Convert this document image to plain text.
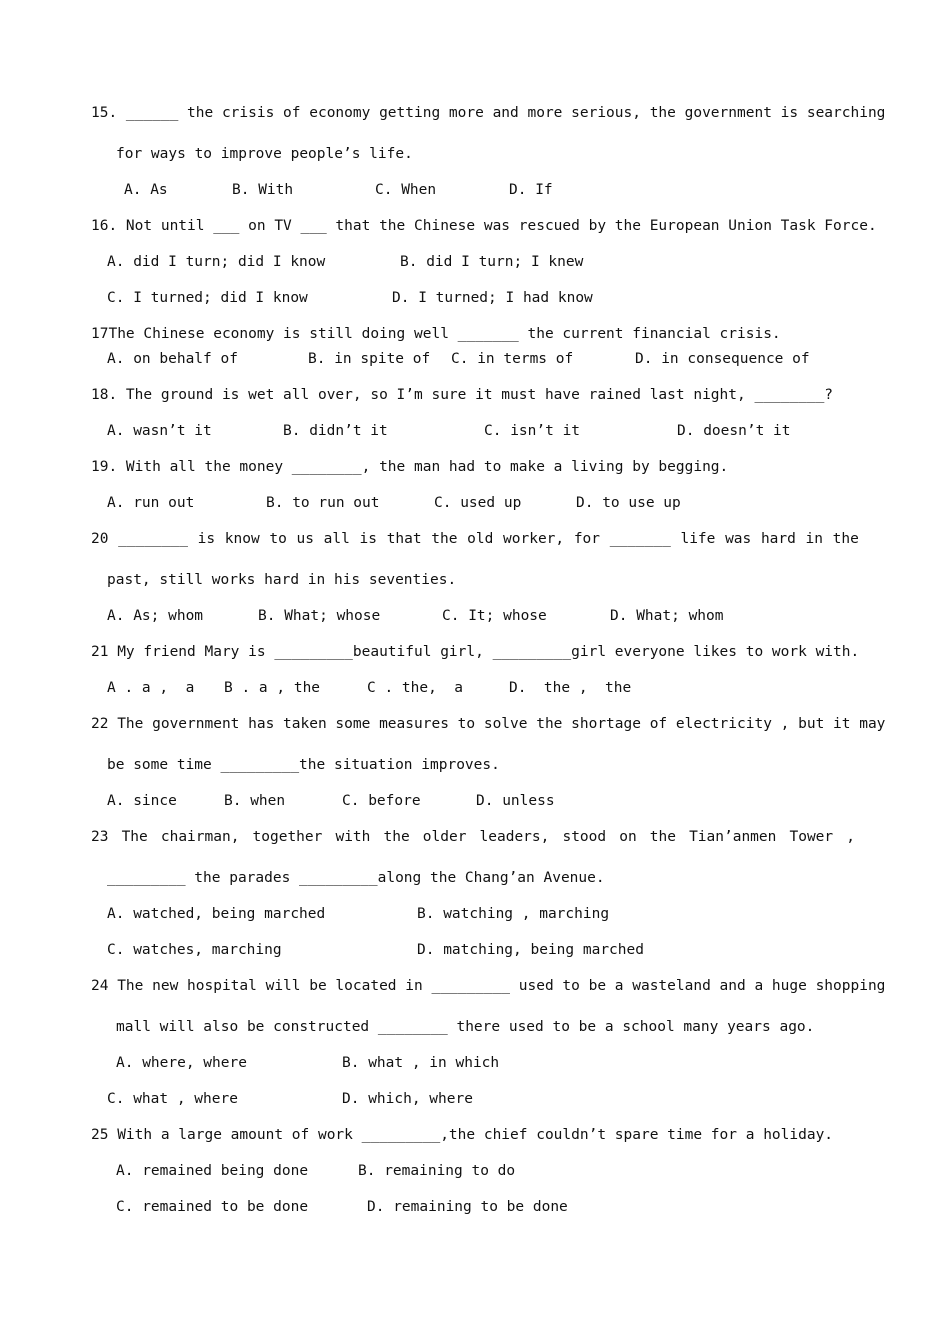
15. ______ the crisis of economy getting more and more serious, the government is searching
for ways to improve people’s life.
A. As	B. With	C. When	D. If
16. Not until ___ on TV ___ that the Chinese was rescued by the European Union Task Force.
A. did I turn; did I know	B. did I turn; I knew
C. I turned; did I know	D. I turned; I had know
17The Chinese economy is still doing well _______ the current financial crisis.
A. on behalf of	B. in spite of C. in terms of	D. in consequence of
18. The ground is wet all over, so I’m sure it must have rained last night, ________?
A. wasn’t it	B. didn’t it	C. isn’t it	D. doesn’t it
19. With all the money ________, the man had to make a living by begging.
A. run out	B. to run out	C. used up	D. to use up
20 ________ is know to us all is that the old worker, for _______ life was hard in the
past, still works hard in his seventies.
A. As; whom	B. What; whose	C. It; whose	D. What; whom
21 My friend Mary is _________beautiful girl, _________girl everyone likes to work with.
A . a ,  a B . a , the	C . the,  a	D.  the ,  the
22 The government has taken some measures to solve the shortage of electricity , but it may
be some time _________the situation improves.
A. since	B. when	C. before	D. unless
23 The chairman, together with the older leaders, stood on the Tian’anmen Tower ,
_________ the parades _________along the Chang’an Avenue.
A. watched, being marched	B. watching , marching
C. watches, marching	D. matching, being marched
24 The new hospital will be located in _________ used to be a wasteland and a huge shopping
mall will also be constructed ________ there used to be a school many years ago.
A. where, where	B. what , in which
C. what , where	D. which, where
25 With a large amount of work _________,the chief couldn’t spare time for a holiday.
A. remained being done	B. remaining to do
C. remained to be done	D. remaining to be done
